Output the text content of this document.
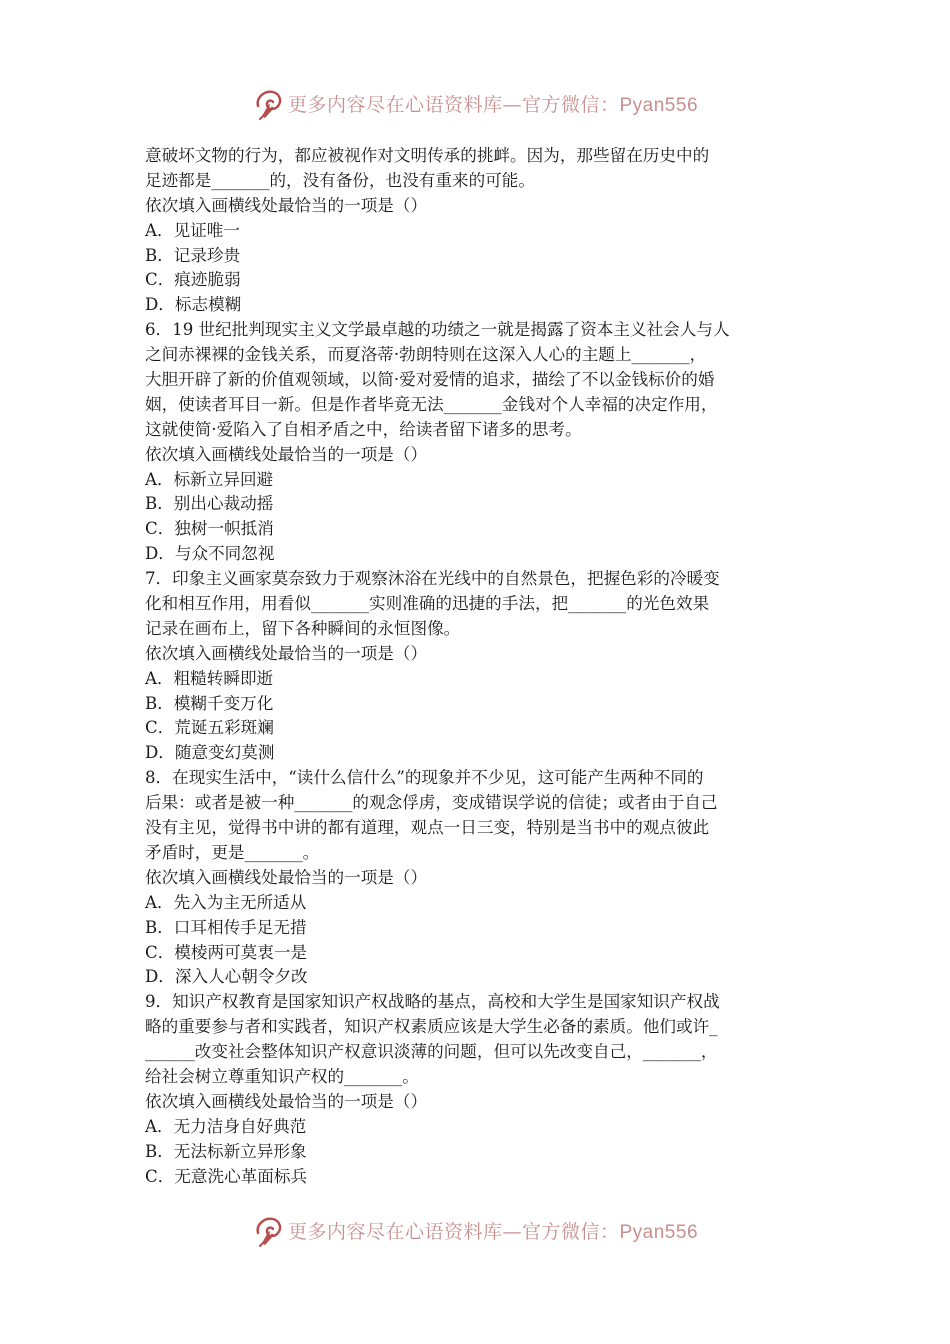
更多内容尽在心语资料库—官方微信：Pyan556
意破坏文物的行为，都应被视作对文明传承的挑衅。因为，那些留在历史中的
足迹都是_______的，没有备份，也没有重来的可能。
依次填入画横线处最恰当的一项是（）
A．见证唯一
B．记录珍贵
C．痕迹脆弱
D．标志模糊
6．19 世纪批判现实主义文学最卓越的功绩之一就是揭露了资本主义社会人与人
之间赤裸裸的金钱关系，而夏洛蒂·勃朗特则在这深入人心的主题上_______，
大胆开辟了新的价值观领域，以简·爱对爱情的追求，描绘了不以金钱标价的婚
姻，使读者耳目一新。但是作者毕竟无法_______金钱对个人幸福的决定作用，
这就使简·爱陷入了自相矛盾之中，给读者留下诸多的思考。
依次填入画横线处最恰当的一项是（）
A．标新立异回避
B．别出心裁动摇
C．独树一帜抵消
D．与众不同忽视
7．印象主义画家莫奈致力于观察沐浴在光线中的自然景色，把握色彩的冷暖变
化和相互作用，用看似_______实则准确的迅捷的手法，把_______的光色效果
记录在画布上，留下各种瞬间的永恒图像。
依次填入画横线处最恰当的一项是（）
A．粗糙转瞬即逝
B．模糊千变万化
C．荒诞五彩斑斓
D．随意变幻莫测
8．在现实生活中，“读什么信什么”的现象并不少见，这可能产生两种不同的
后果：或者是被一种_______的观念俘虏，变成错误学说的信徒；或者由于自己
没有主见，觉得书中讲的都有道理，观点一日三变，特别是当书中的观点彼此
矛盾时，更是_______。
依次填入画横线处最恰当的一项是（）
A．先入为主无所适从
B．口耳相传手足无措
C．模棱两可莫衷一是
D．深入人心朝令夕改
9．知识产权教育是国家知识产权战略的基点，高校和大学生是国家知识产权战
略的重要参与者和实践者，知识产权素质应该是大学生必备的素质。他们或许_
______改变社会整体知识产权意识淡薄的问题，但可以先改变自己，_______，
给社会树立尊重知识产权的_______。
依次填入画横线处最恰当的一项是（）
A．无力洁身自好典范
B．无法标新立异形象
C．无意洗心革面标兵
更多内容尽在心语资料库—官方微信：Pyan556
